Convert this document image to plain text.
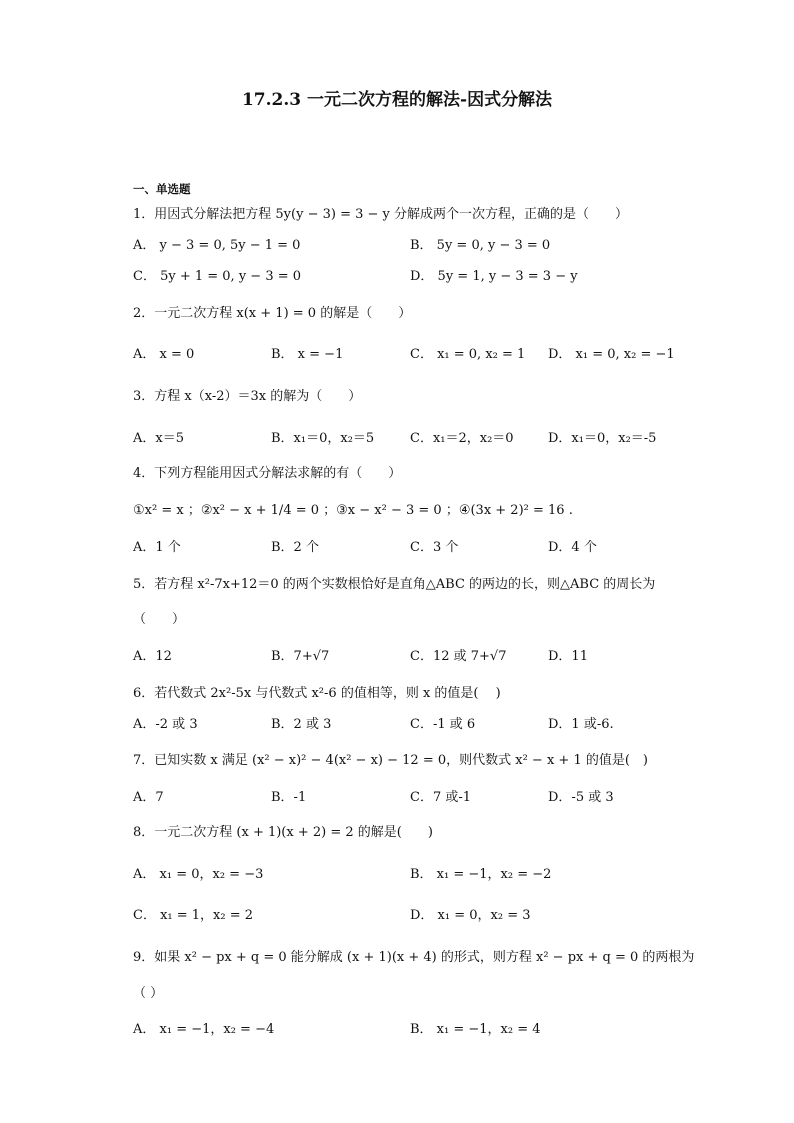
17.2.3 一元二次方程的解法-因式分解法
一、单选题
1．用因式分解法把方程 5y(y − 3) = 3 − y 分解成两个一次方程，正确的是（　　）
A． y − 3 = 0, 5y − 1 = 0	B． 5y = 0, y − 3 = 0
C． 5y + 1 = 0, y − 3 = 0	D． 5y = 1, y − 3 = 3 − y
2．一元二次方程 x(x + 1) = 0 的解是（　　）
A． x = 0	B． x = −1	C． x₁ = 0, x₂ = 1 D． x₁ = 0, x₂ = −1
3．方程 x（x-2）＝3x 的解为（　　）
A．x＝5	B．x₁＝0，x₂＝5	C．x₁＝2，x₂＝0	D．x₁＝0，x₂＝-5
4．下列方程能用因式分解法求解的有（　　）
①x² = x ；②x² − x + 1/4 = 0 ；③x − x² − 3 = 0 ；④(3x + 2)² = 16 .
A．1 个	B．2 个	C．3 个	D．4 个
5．若方程 x²-7x+12＝0 的两个实数根恰好是直角△ABC 的两边的长，则△ABC 的周长为
（　　）
A．12	B．7+√7	C．12 或 7+√7	D．11
6．若代数式 2x²-5x 与代数式 x²-6 的值相等，则 x 的值是(　 )
A．-2 或 3	B．2 或 3	C．-1 或 6	D．1 或-6.
7．已知实数 x 满足 (x² − x)² − 4(x² − x) − 12 = 0，则代数式 x² − x + 1 的值是(　)
A．7	B．-1	C．7 或-1	D．-5 或 3
8．一元二次方程 (x + 1)(x + 2) = 2 的解是(　　)
A． x₁ = 0，x₂ = −3	B． x₁ = −1，x₂ = −2
C． x₁ = 1，x₂ = 2	D． x₁ = 0，x₂ = 3
9．如果 x² − px + q = 0 能分解成 (x + 1)(x + 4) 的形式，则方程 x² − px + q = 0 的两根为
（ ）
A． x₁ = −1，x₂ = −4	B． x₁ = −1，x₂ = 4
